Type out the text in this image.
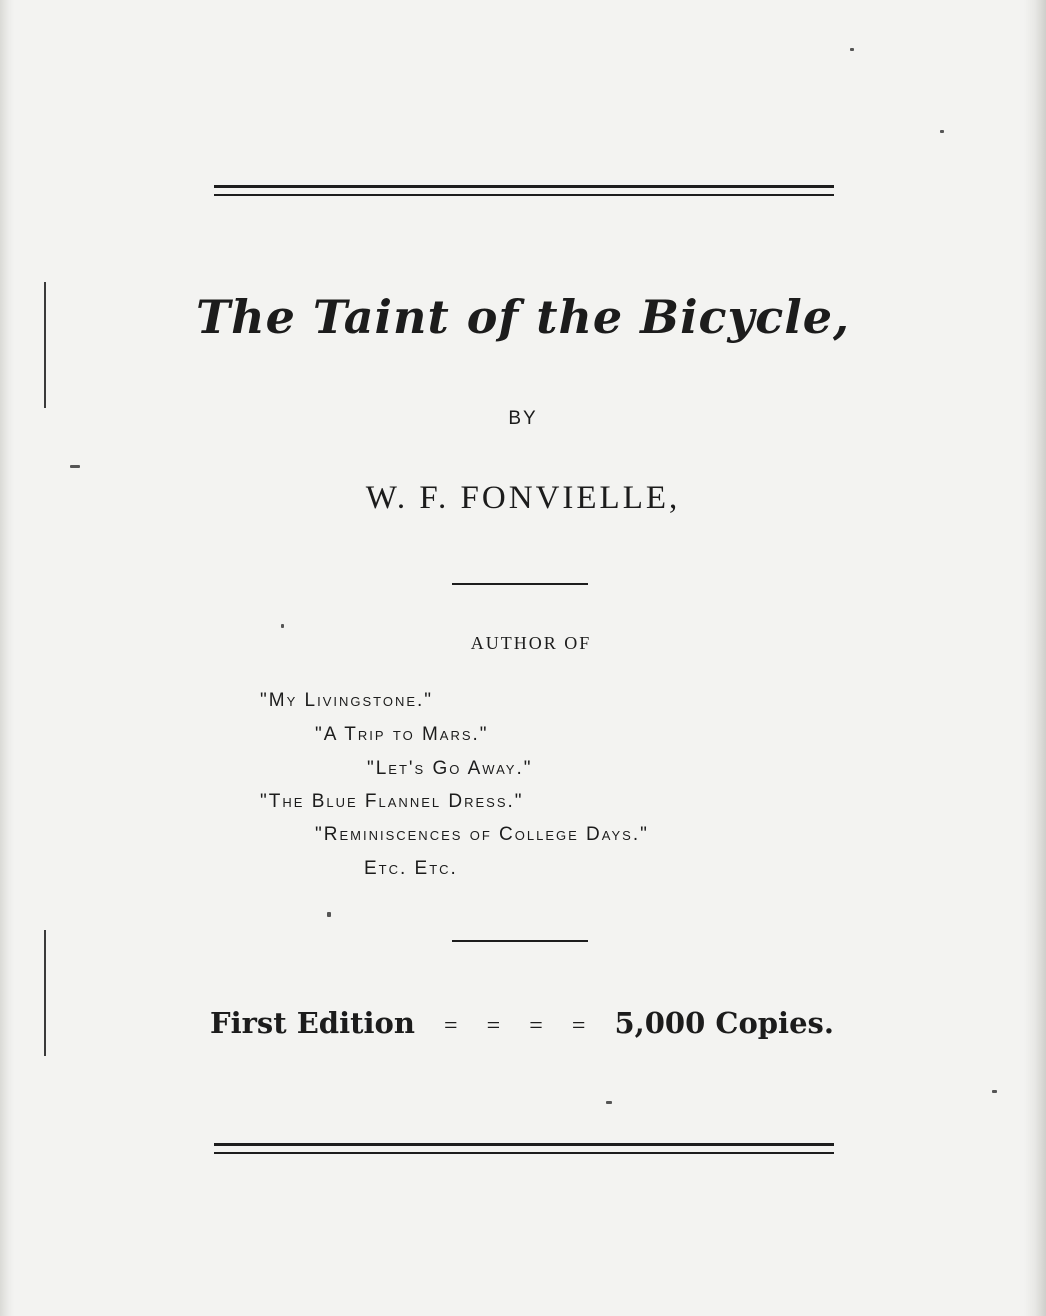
The Taint of the Bicycle,

BY

W. F. FONVIELLE,

AUTHOR OF

"My Livingstone."

"A Trip to Mars."

"Let's Go Away."

"The Blue Flannel Dress."

"Reminiscences of College Days."

Etc. Etc.

First Edition = = = = 5,000 Copies.
